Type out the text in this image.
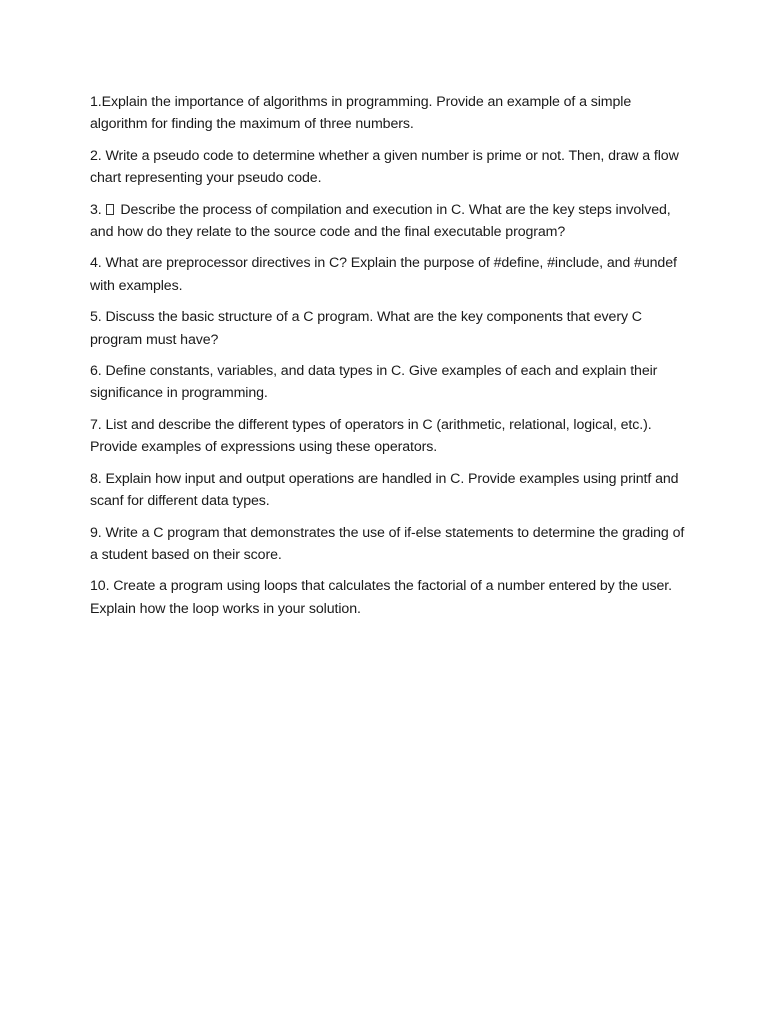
1.Explain the importance of algorithms in programming. Provide an example of a simple algorithm for finding the maximum of three numbers.

2. Write a pseudo code to determine whether a given number is prime or not. Then, draw a flow chart representing your pseudo code.

3.  Describe the process of compilation and execution in C. What are the key steps involved, and how do they relate to the source code and the final executable program?

4. What are preprocessor directives in C? Explain the purpose of #define, #include, and #undef with examples.

5. Discuss the basic structure of a C program. What are the key components that every C program must have?

6. Define constants, variables, and data types in C. Give examples of each and explain their significance in programming.

7. List and describe the different types of operators in C (arithmetic, relational, logical, etc.). Provide examples of expressions using these operators.

8. Explain how input and output operations are handled in C. Provide examples using printf and scanf for different data types.

9. Write a C program that demonstrates the use of if-else statements to determine the grading of a student based on their score.

10. Create a program using loops that calculates the factorial of a number entered by the user. Explain how the loop works in your solution.
